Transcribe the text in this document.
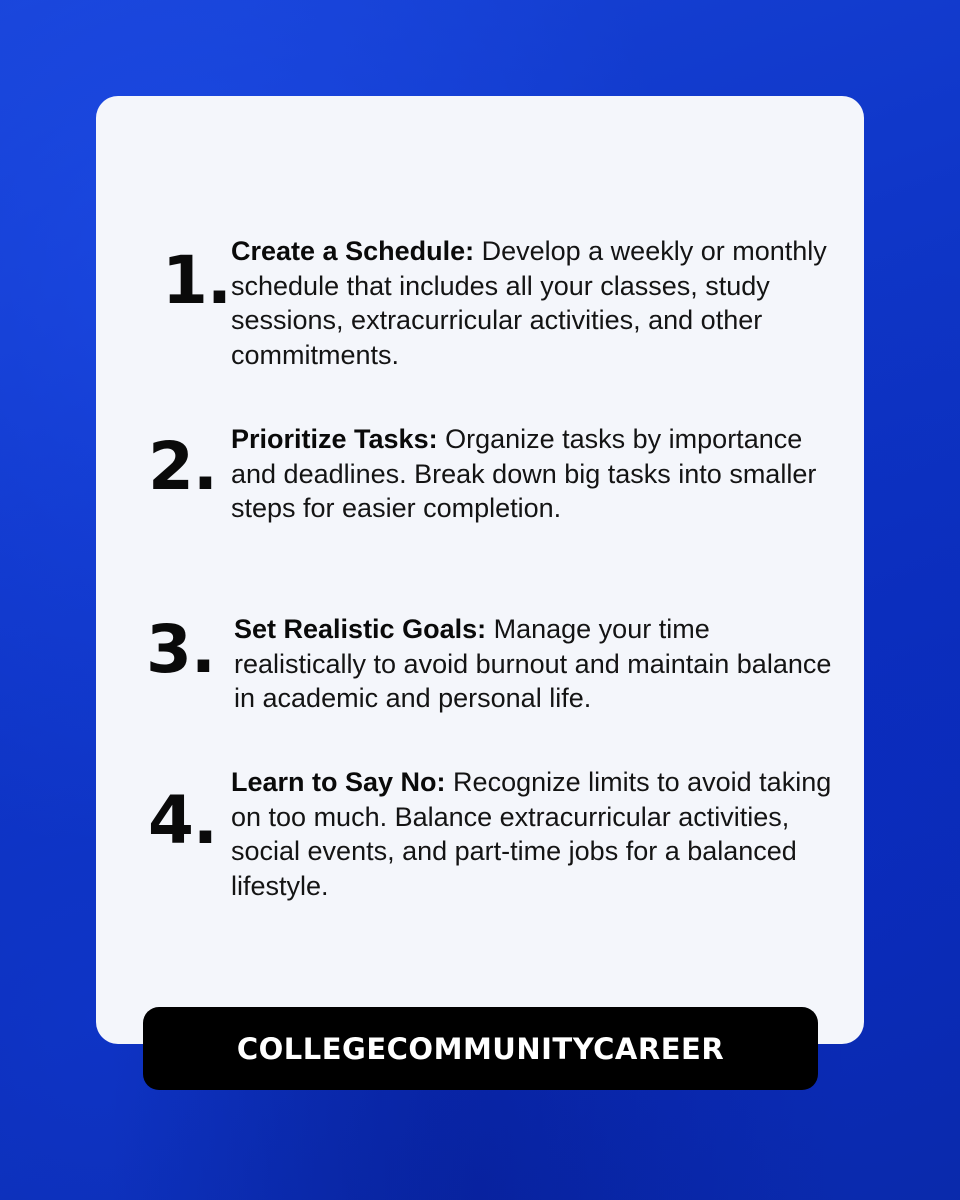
1. Create a Schedule: Develop a weekly or monthly schedule that includes all your classes, study sessions, extracurricular activities, and other commitments.
2. Prioritize Tasks: Organize tasks by importance and deadlines. Break down big tasks into smaller steps for easier completion.
3. Set Realistic Goals: Manage your time realistically to avoid burnout and maintain balance in academic and personal life.
4. Learn to Say No: Recognize limits to avoid taking on too much. Balance extracurricular activities, social events, and part-time jobs for a balanced lifestyle.
COLLEGECOMMUNITYCAREER
